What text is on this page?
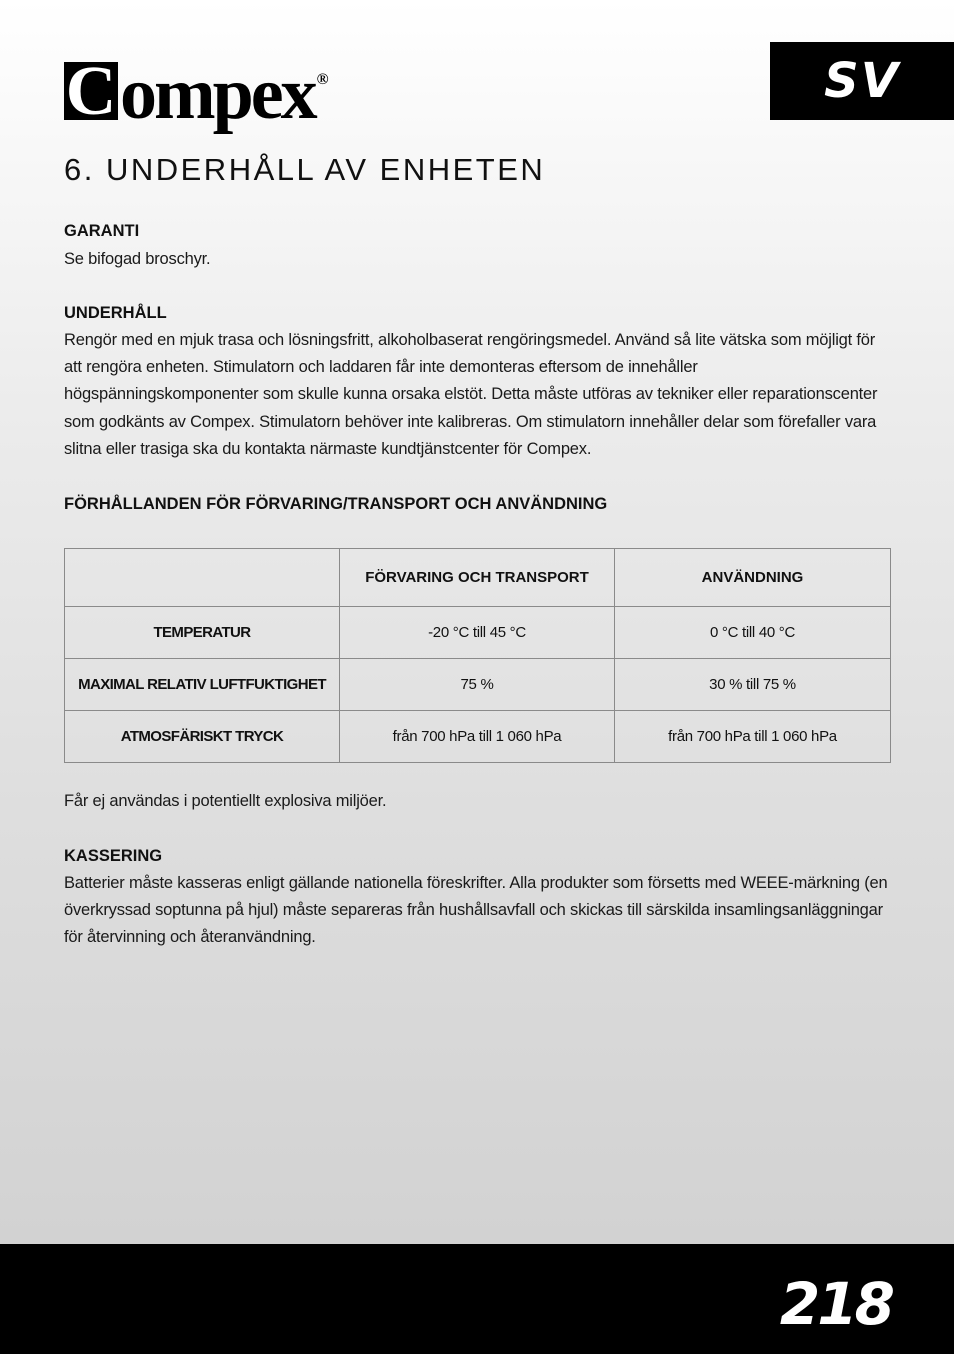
Compex ®	SV
6. UNDERHÅLL AV ENHETEN
GARANTI

Se bifogad broschyr.

UNDERHÅLL

Rengör med en mjuk trasa och lösningsfritt, alkoholbaserat rengöringsmedel. Använd så lite vätska som möjligt för att rengöra enheten. Stimulatorn och laddaren får inte demonteras eftersom de innehåller högspänningskomponenter som skulle kunna orsaka elstöt. Detta måste utföras av tekniker eller reparationscenter som godkänts av Compex. Stimulatorn behöver inte kalibreras. Om stimulatorn innehåller delar som förefaller vara slitna eller trasiga ska du kontakta närmaste kundtjänstcenter för Compex.

FÖRHÅLLANDEN FÖR FÖRVARING/TRANSPORT OCH ANVÄNDNING
	FÖRVARING OCH TRANSPORT	ANVÄNDNING
TEMPERATUR	-20 °C till 45 °C	0 °C till 40 °C
MAXIMAL RELATIV LUFTFUKTIGHET	75 %	30 % till 75 %
ATMOSFÄRISKT TRYCK	från 700 hPa till 1 060 hPa	från 700 hPa till 1 060 hPa

Får ej användas i potentiellt explosiva miljöer.

KASSERING

Batterier måste kasseras enligt gällande nationella föreskrifter. Alla produkter som försetts med WEEE-märkning (en överkryssad soptunna på hjul) måste separeras från hushållsavfall och skickas till särskilda insamlingsanläggningar för återvinning och återanvändning.

218
